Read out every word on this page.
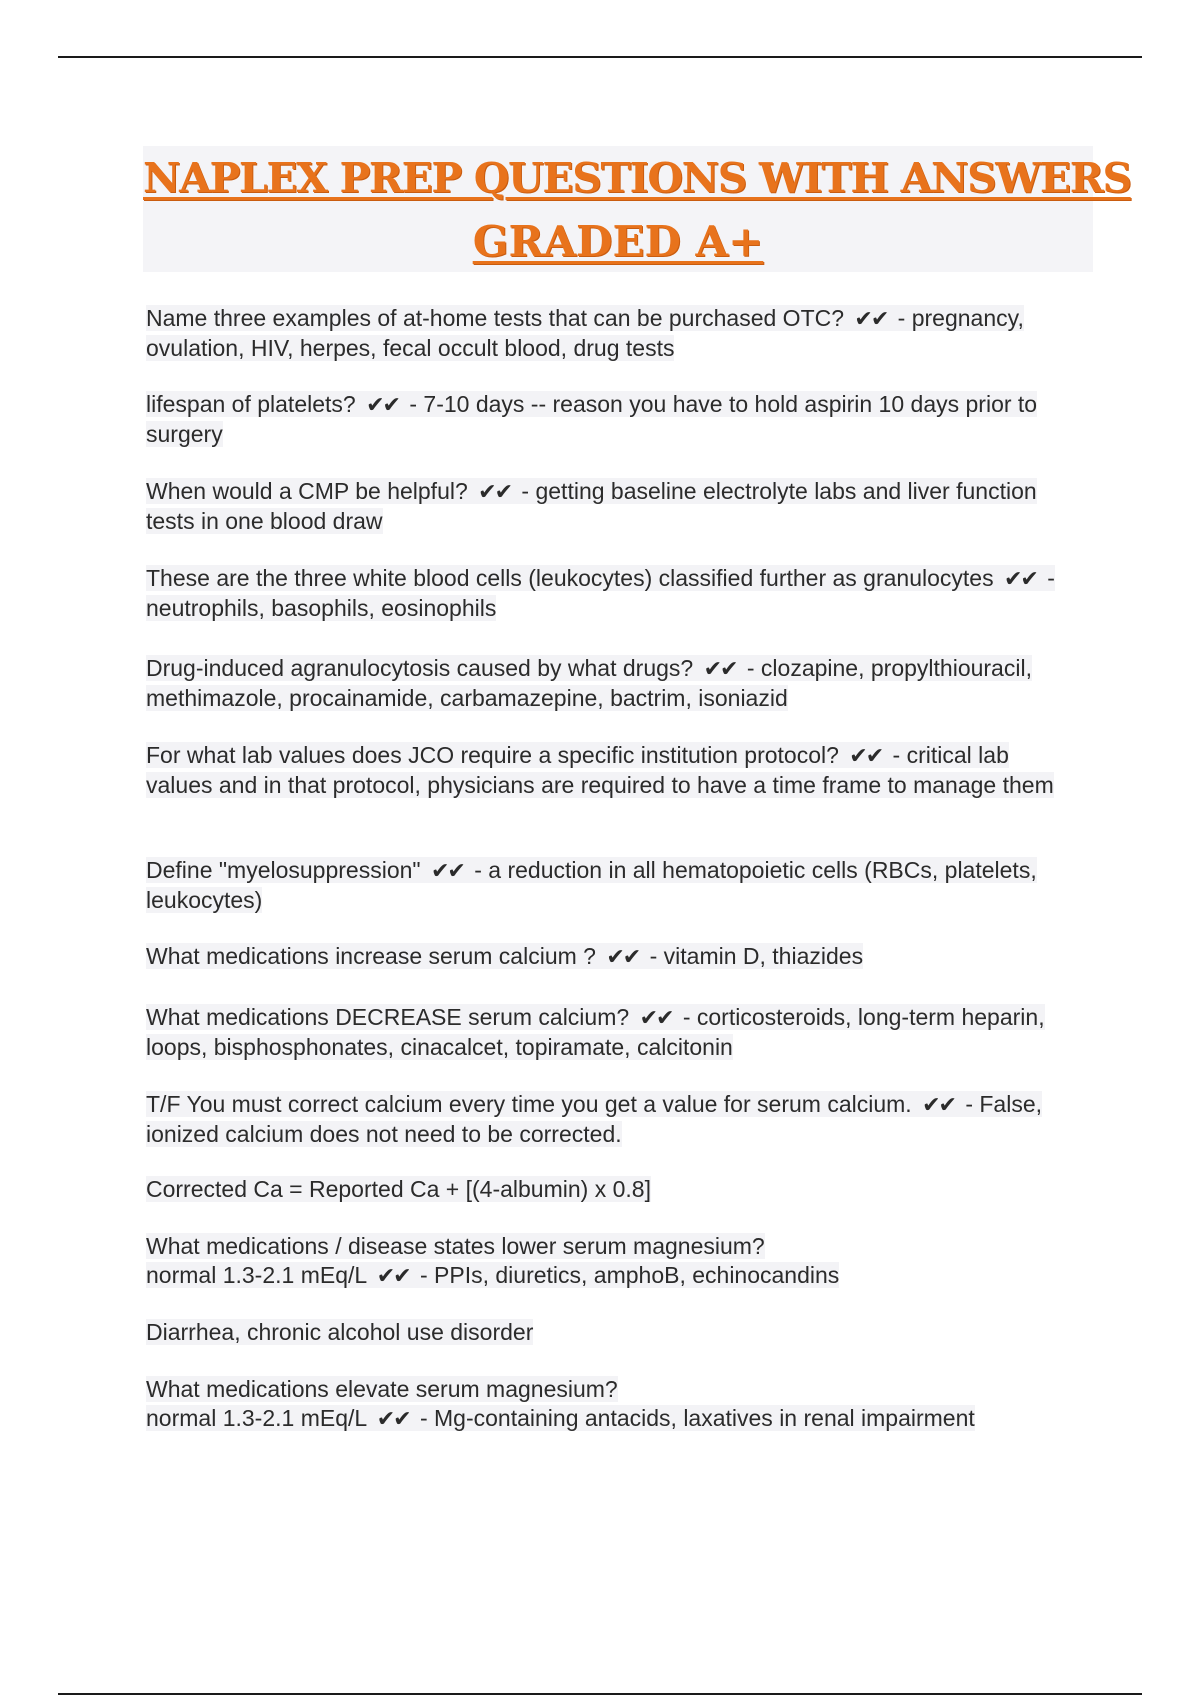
NAPLEX PREP QUESTIONS WITH ANSWERS
GRADED A+

Name three examples of at-home tests that can be purchased OTC? ✔✔ - pregnancy, ovulation, HIV, herpes, fecal occult blood, drug tests

lifespan of platelets? ✔✔ - 7-10 days -- reason you have to hold aspirin 10 days prior to surgery

When would a CMP be helpful? ✔✔ - getting baseline electrolyte labs and liver function tests in one blood draw

These are the three white blood cells (leukocytes) classified further as granulocytes ✔✔ - neutrophils, basophils, eosinophils

Drug-induced agranulocytosis caused by what drugs? ✔✔ - clozapine, propylthiouracil, methimazole, procainamide, carbamazepine, bactrim, isoniazid

For what lab values does JCO require a specific institution protocol? ✔✔ - critical lab values and in that protocol, physicians are required to have a time frame to manage them

Define "myelosuppression" ✔✔ - a reduction in all hematopoietic cells (RBCs, platelets, leukocytes)

What medications increase serum calcium ? ✔✔ - vitamin D, thiazides

What medications DECREASE serum calcium? ✔✔ - corticosteroids, long-term heparin, loops, bisphosphonates, cinacalcet, topiramate, calcitonin

T/F You must correct calcium every time you get a value for serum calcium. ✔✔ - False, ionized calcium does not need to be corrected.

Corrected Ca = Reported Ca + [(4-albumin) x 0.8]

What medications / disease states lower serum magnesium?
normal 1.3-2.1 mEq/L ✔✔ - PPIs, diuretics, amphoB, echinocandins

Diarrhea, chronic alcohol use disorder

What medications elevate serum magnesium?
normal 1.3-2.1 mEq/L ✔✔ - Mg-containing antacids, laxatives in renal impairment
